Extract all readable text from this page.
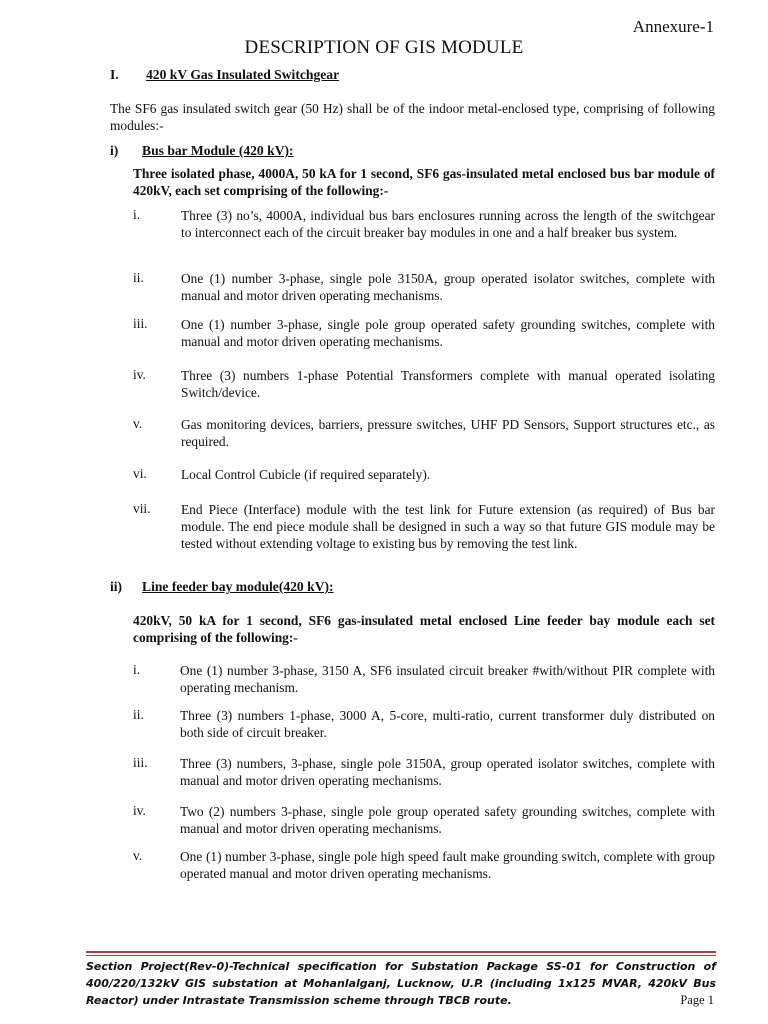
Annexure-1
DESCRIPTION OF GIS MODULE
I. 420 kV Gas Insulated Switchgear
The SF6 gas insulated switch gear (50 Hz) shall be of the indoor metal-enclosed type, comprising of following modules:-
i) Bus bar Module (420 kV):
Three isolated phase, 4000A, 50 kA for 1 second, SF6 gas-insulated metal enclosed bus bar module of 420kV, each set comprising of the following:-
i.	Three (3) no’s, 4000A, individual bus bars enclosures running across the length of the switchgear to interconnect each of the circuit breaker bay modules in one and a half breaker bus system.
ii.	One (1) number 3-phase, single pole 3150A, group operated isolator switches, complete with manual and motor driven operating mechanisms.
iii.	One (1) number 3-phase, single pole group operated safety grounding switches, complete with manual and motor driven operating mechanisms.
iv.	Three (3) numbers 1-phase Potential Transformers complete with manual operated isolating Switch/device.
v.	Gas monitoring devices, barriers, pressure switches, UHF PD Sensors, Support structures etc., as required.
vi.	Local Control Cubicle (if required separately).
vii.	End Piece (Interface) module with the test link for Future extension (as required) of Bus bar module. The end piece module shall be designed in such a way so that future GIS module may be tested without extending voltage to existing bus by removing the test link.
ii) Line feeder bay module(420 kV):
420kV, 50 kA for 1 second, SF6 gas-insulated metal enclosed Line feeder bay module each set comprising of the following:-
i.	One (1) number 3-phase, 3150 A, SF6 insulated circuit breaker #with/without PIR complete with operating mechanism.
ii.	Three (3) numbers 1-phase, 3000 A, 5-core, multi-ratio, current transformer duly distributed on both side of circuit breaker.
iii.	Three (3) numbers, 3-phase, single pole 3150A, group operated isolator switches, complete with manual and motor driven operating mechanisms.
iv.	Two (2) numbers 3-phase, single pole group operated safety grounding switches, complete with manual and motor driven operating mechanisms.
v.	One (1) number 3-phase, single pole high speed fault make grounding switch, complete with group operated manual and motor driven operating mechanisms.
Section Project(Rev-0)-Technical specification for Substation Package SS-01 for Construction of 400/220/132kV GIS substation at Mohanlalganj, Lucknow, U.P. (including 1x125 MVAR, 420kV Bus Reactor) under Intrastate Transmission scheme through TBCB route.	Page 1
